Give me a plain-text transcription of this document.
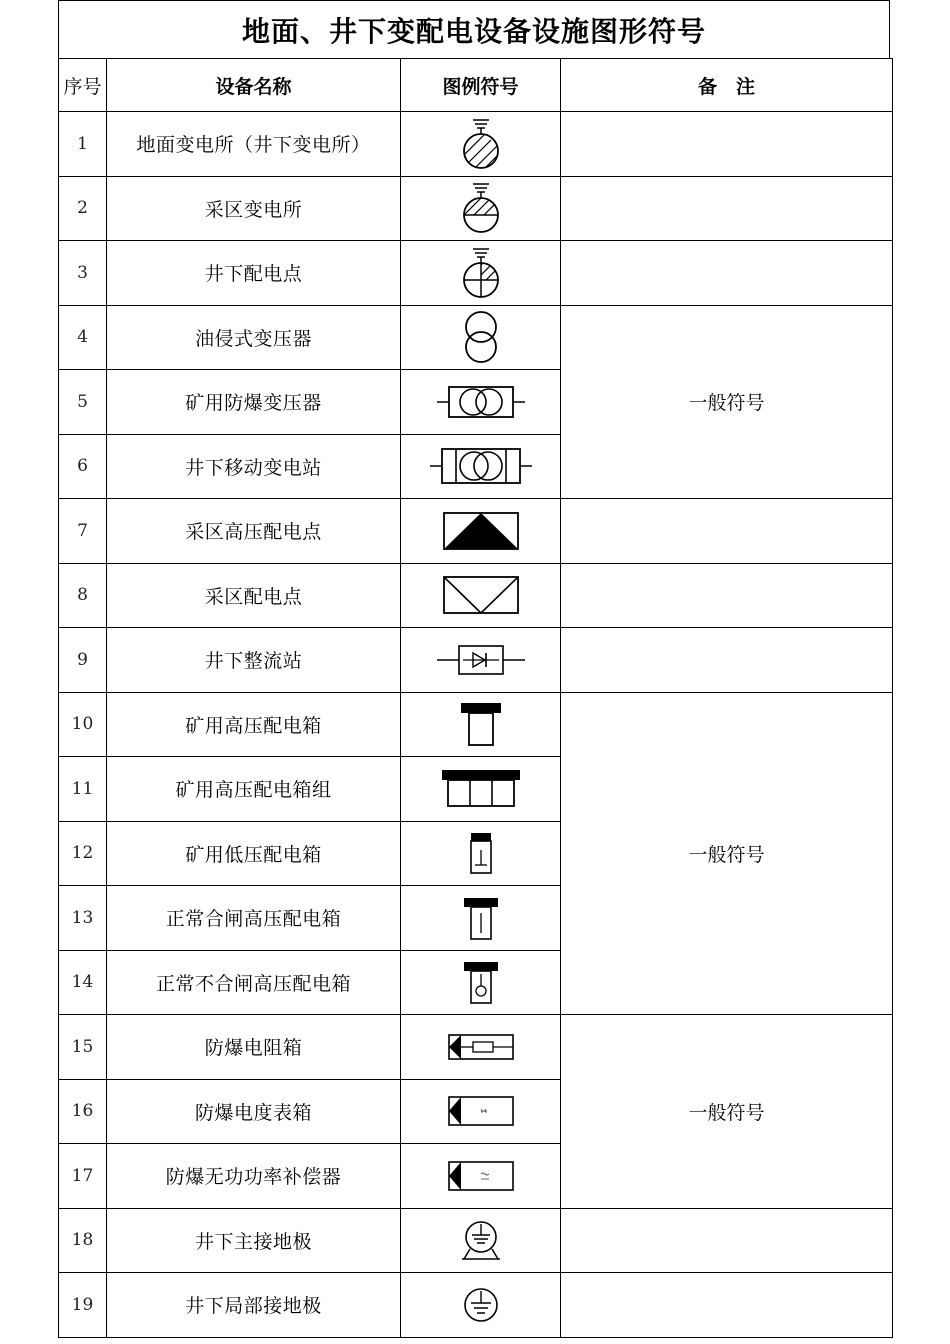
地面、井下变配电设备设施图形符号
序号	设备名称	图例符号	备　注
1	地面变电所（井下变电所）	

2	采区变电所	

3	井下配电点	

4	油侵式变压器		一般符号
5	矿用防爆变压器	

6	井下移动变电站	

7	采区高压配电点	

8	采区配电点	

9	井下整流站	

10	矿用高压配电箱		一般符号
11	矿用高压配电箱组	

12	矿用低压配电箱	

13	正常合闸高压配电箱	

14	正常不合闸高压配电箱	

15	防爆电阻箱		一般符号
16	防爆电度表箱	

17	防爆无功功率补偿器	

18	井下主接地极	

19	井下局部接地极	
